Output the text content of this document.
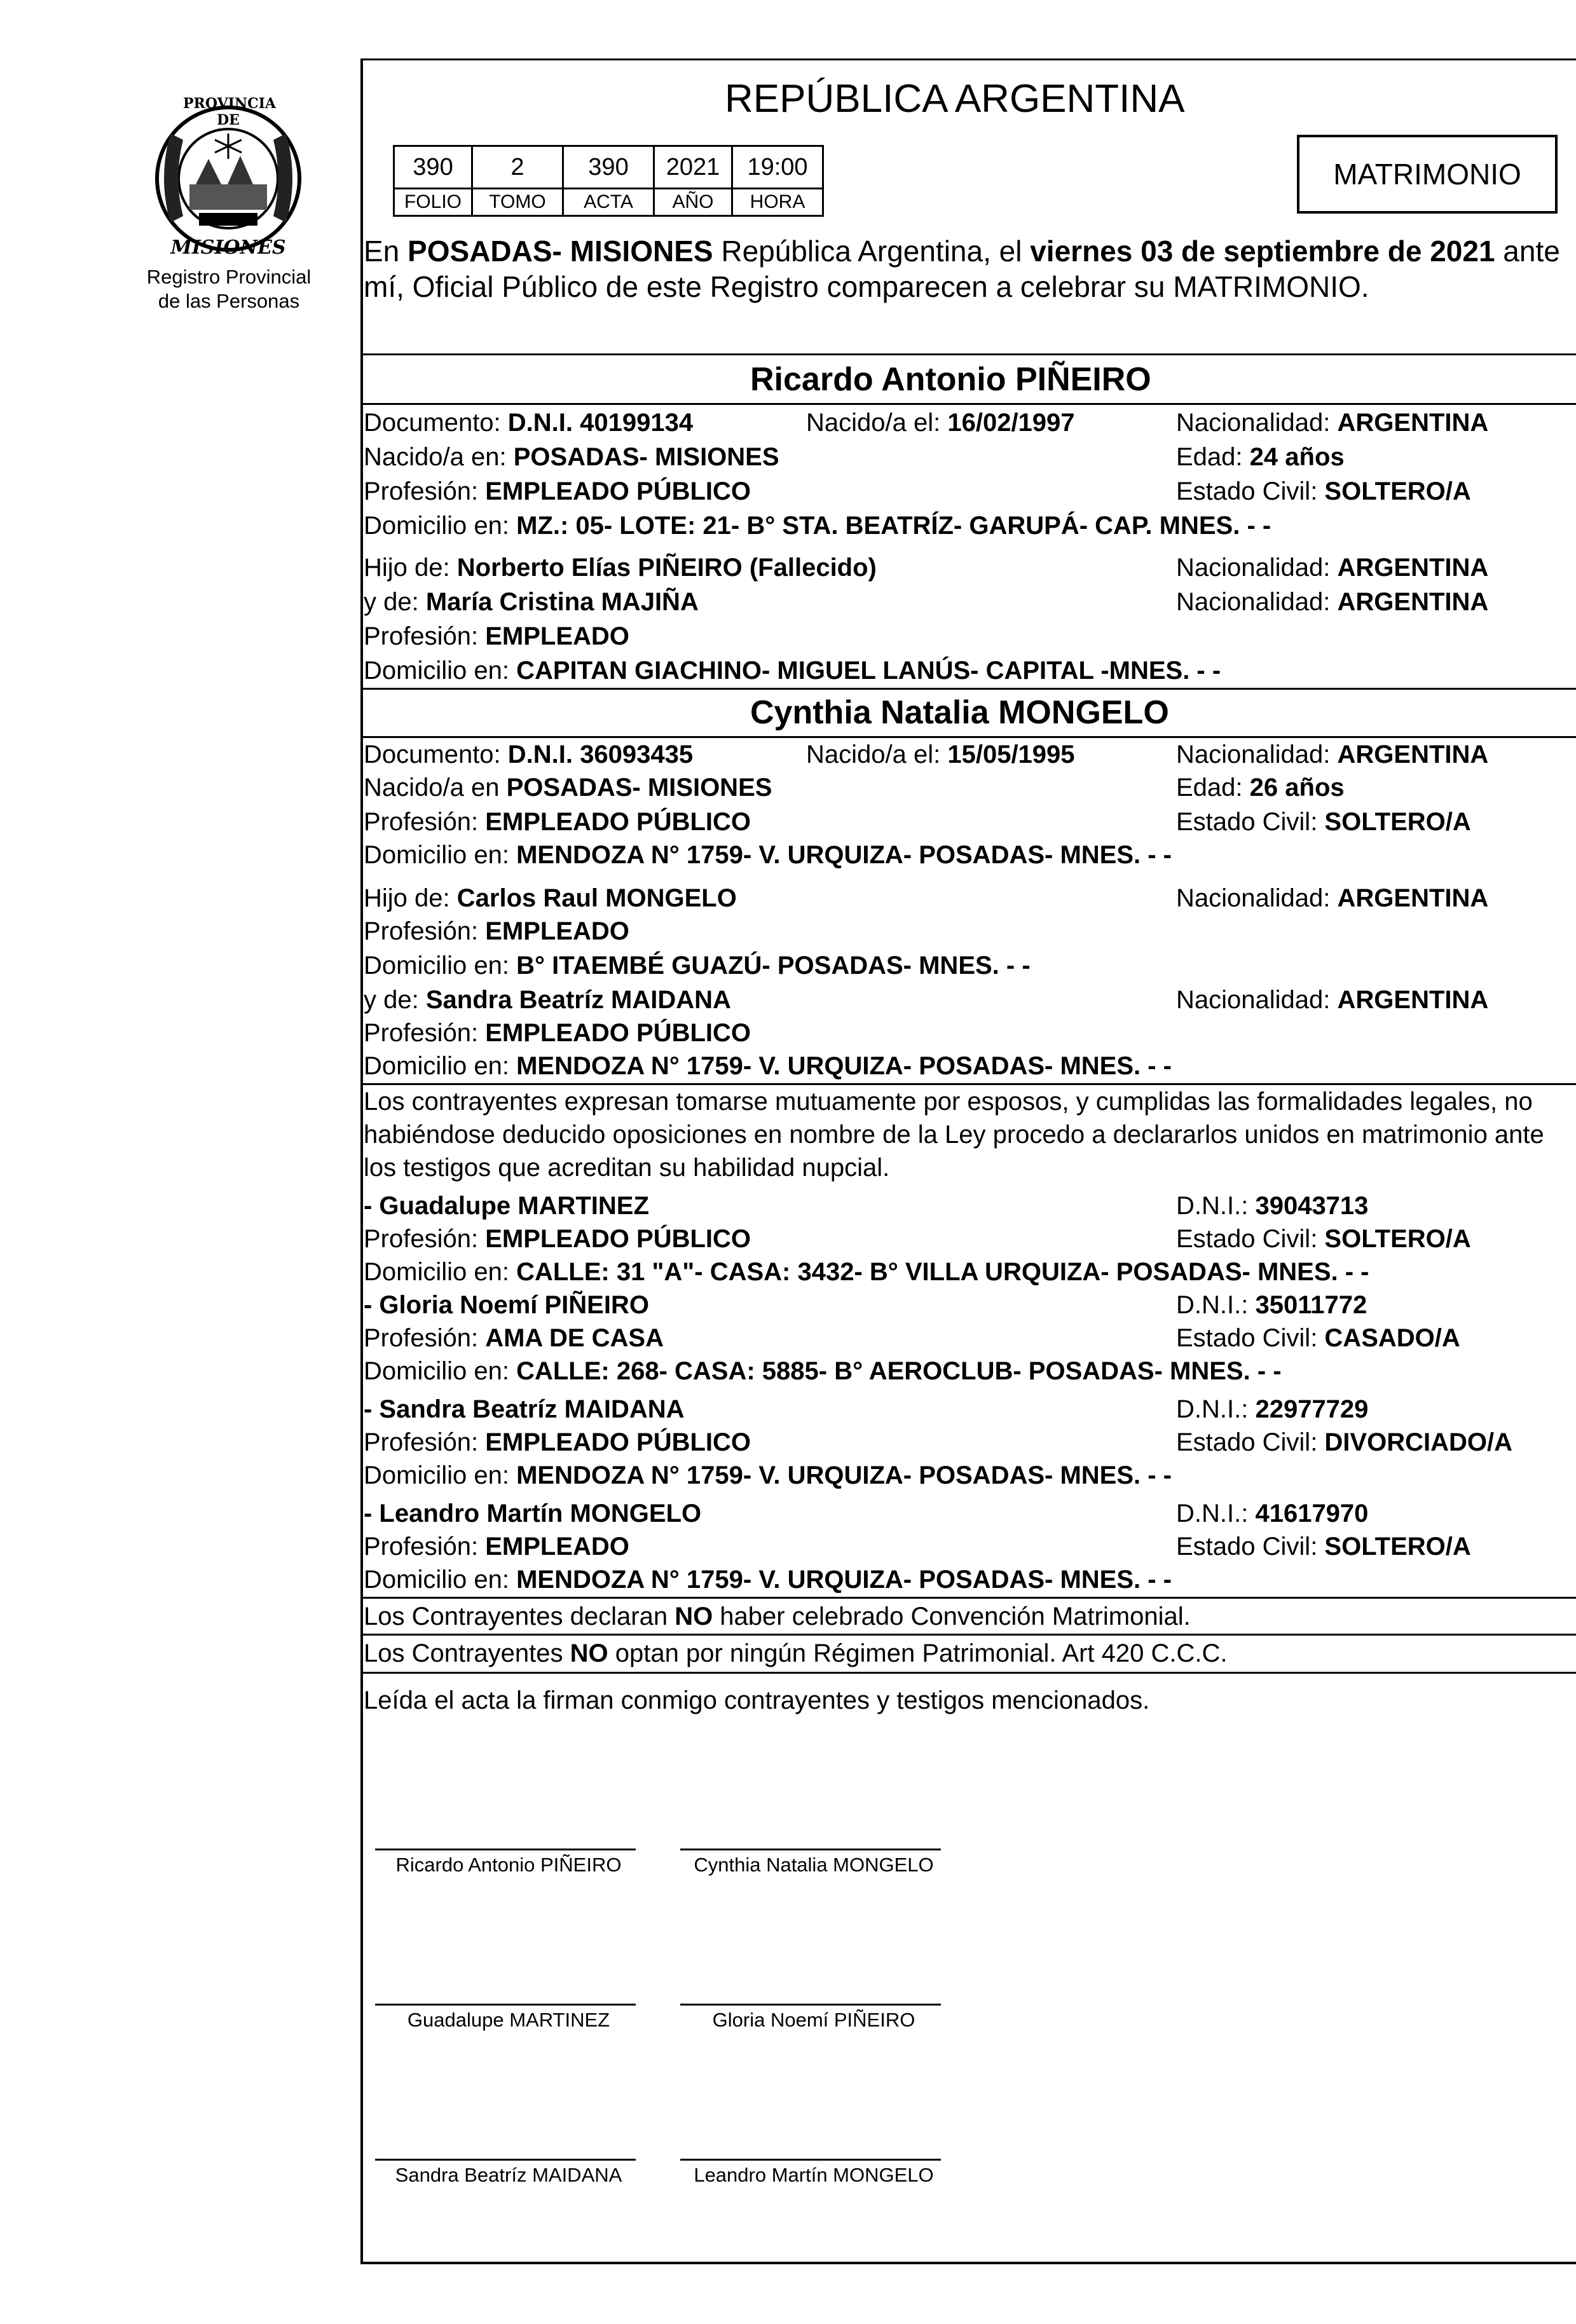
PROVINCIA DE
MISIONES
Registro Provincial
de las Personas
REPÚBLICA ARGENTINA
390	2	390	2021	19:00
FOLIO	TOMO	ACTA	AÑO	HORA
MATRIMONIO
En POSADAS- MISIONES República Argentina, el viernes 03 de septiembre de 2021 ante
mí, Oficial Público de este Registro comparecen a celebrar su MATRIMONIO.
Ricardo Antonio PIÑEIRO
Documento: D.N.I. 40199134	Nacido/a el: 16/02/1997	Nacionalidad: ARGENTINA
Nacido/a en: POSADAS- MISIONES	Edad: 24 años
Profesión: EMPLEADO PÚBLICO	Estado Civil: SOLTERO/A
Domicilio en: MZ.: 05- LOTE: 21- B° STA. BEATRÍZ- GARUPÁ- CAP. MNES. - -
Hijo de: Norberto Elías PIÑEIRO (Fallecido)	Nacionalidad: ARGENTINA
y de: María Cristina MAJIÑA	Nacionalidad: ARGENTINA
Profesión: EMPLEADO
Domicilio en: CAPITAN GIACHINO- MIGUEL LANÚS- CAPITAL -MNES. - -
Cynthia Natalia MONGELO
Documento: D.N.I. 36093435	Nacido/a el: 15/05/1995	Nacionalidad: ARGENTINA
Nacido/a en POSADAS- MISIONES	Edad: 26 años
Profesión: EMPLEADO PÚBLICO	Estado Civil: SOLTERO/A
Domicilio en: MENDOZA N° 1759- V. URQUIZA- POSADAS- MNES. - -
Hijo de: Carlos Raul MONGELO	Nacionalidad: ARGENTINA
Profesión: EMPLEADO
Domicilio en: B° ITAEMBÉ GUAZÚ- POSADAS- MNES. - -
y de: Sandra Beatríz MAIDANA	Nacionalidad: ARGENTINA
Profesión: EMPLEADO PÚBLICO
Domicilio en: MENDOZA N° 1759- V. URQUIZA- POSADAS- MNES. - -
Los contrayentes expresan tomarse mutuamente por esposos, y cumplidas las formalidades legales, no
habiéndose deducido oposiciones en nombre de la Ley procedo a declararlos unidos en matrimonio ante
los testigos que acreditan su habilidad nupcial.
- Guadalupe MARTINEZ	D.N.I.: 39043713
Profesión: EMPLEADO PÚBLICO	Estado Civil: SOLTERO/A
Domicilio en: CALLE: 31 "A"- CASA: 3432- B° VILLA URQUIZA- POSADAS- MNES. - -
- Gloria Noemí PIÑEIRO	D.N.I.: 35011772
Profesión: AMA DE CASA	Estado Civil: CASADO/A
Domicilio en: CALLE: 268- CASA: 5885- B° AEROCLUB- POSADAS- MNES. - -
- Sandra Beatríz MAIDANA	D.N.I.: 22977729
Profesión: EMPLEADO PÚBLICO	Estado Civil: DIVORCIADO/A
Domicilio en: MENDOZA N° 1759- V. URQUIZA- POSADAS- MNES. - -
- Leandro Martín MONGELO	D.N.I.: 41617970
Profesión: EMPLEADO	Estado Civil: SOLTERO/A
Domicilio en: MENDOZA N° 1759- V. URQUIZA- POSADAS- MNES. - -
Los Contrayentes declaran NO haber celebrado Convención Matrimonial.
Los Contrayentes NO optan por ningún Régimen Patrimonial. Art 420 C.C.C.
Leída el acta la firman conmigo contrayentes y testigos mencionados.
Ricardo Antonio PIÑEIRO	Cynthia Natalia MONGELO
Guadalupe MARTINEZ	Gloria Noemí PIÑEIRO
Sandra Beatríz MAIDANA	Leandro Martín MONGELO
